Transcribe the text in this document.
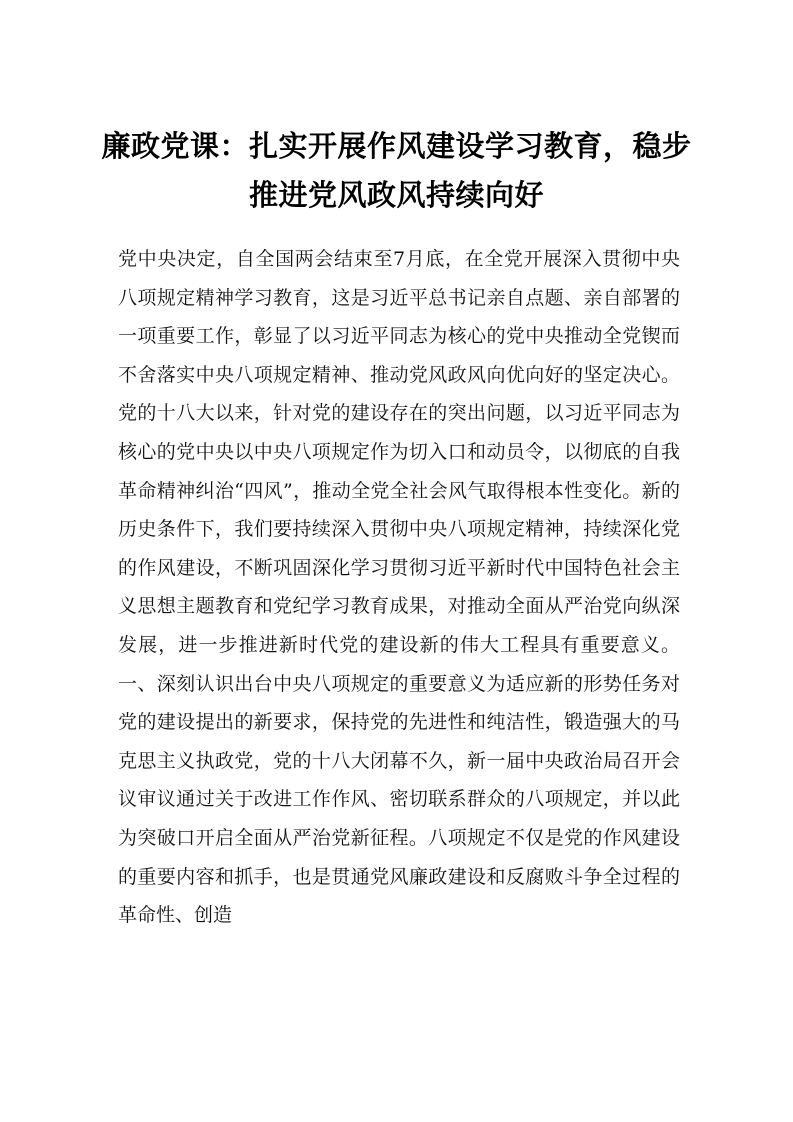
廉政党课：扎实开展作风建设学习教育，稳步推进党风政风持续向好

党中央决定，自全国两会结束至7月底，在全党开展深入贯彻中央八项规定精神学习教育，这是习近平总书记亲自点题、亲自部署的一项重要工作，彰显了以习近平同志为核心的党中央推动全党锲而不舍落实中央八项规定精神、推动党风政风向优向好的坚定决心。党的十八大以来，针对党的建设存在的突出问题，以习近平同志为核心的党中央以中央八项规定作为切入口和动员令，以彻底的自我革命精神纠治“四风”，推动全党全社会风气取得根本性变化。新的历史条件下，我们要持续深入贯彻中央八项规定精神，持续深化党的作风建设，不断巩固深化学习贯彻习近平新时代中国特色社会主义思想主题教育和党纪学习教育成果，对推动全面从严治党向纵深发展，进一步推进新时代党的建设新的伟大工程具有重要意义。一、深刻认识出台中央八项规定的重要意义为适应新的形势任务对党的建设提出的新要求，保持党的先进性和纯洁性，锻造强大的马克思主义执政党，党的十八大闭幕不久，新一届中央政治局召开会议审议通过关于改进工作作风、密切联系群众的八项规定，并以此为突破口开启全面从严治党新征程。八项规定不仅是党的作风建设的重要内容和抓手，也是贯通党风廉政建设和反腐败斗争全过程的革命性、创造
